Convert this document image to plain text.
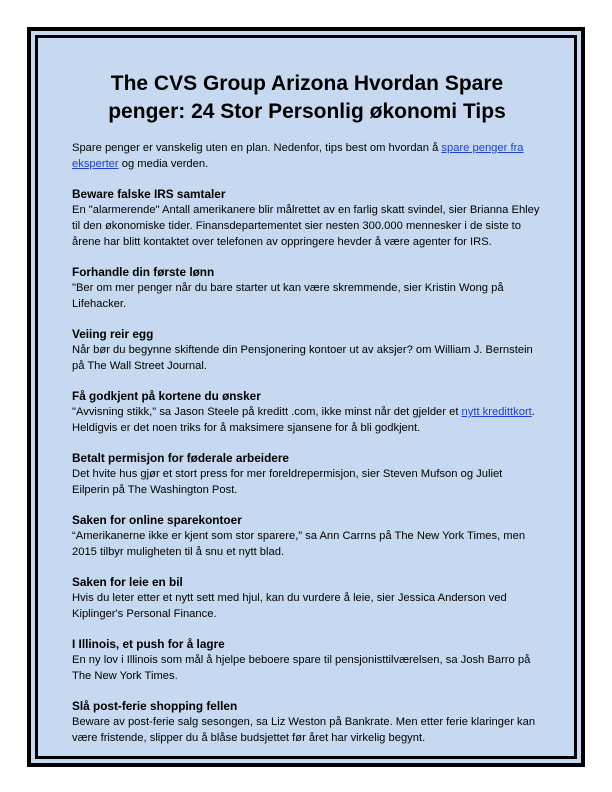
The CVS Group Arizona Hvordan Spare penger: 24 Stor Personlig økonomi Tips

Spare penger er vanskelig uten en plan. Nedenfor, tips best om hvordan å spare penger fra eksperter og media verden.

Beware falske IRS samtaler

En "alarmerende" Antall amerikanere blir målrettet av en farlig skatt svindel, sier Brianna Ehley til den økonomiske tider. Finansdepartementet sier nesten 300.000 mennesker i de siste to årene har blitt kontaktet over telefonen av oppringere hevder å være agenter for IRS.

Forhandle din første lønn

"Ber om mer penger når du bare starter ut kan være skremmende, sier Kristin Wong på Lifehacker.

Veiing reir egg

Når bør du begynne skiftende din Pensjonering kontoer ut av aksjer? om William J. Bernstein på The Wall Street Journal.

Få godkjent på kortene du ønsker

"Avvisning stikk," sa Jason Steele på kreditt .com, ikke minst når det gjelder et nytt kredittkort. Heldigvis er det noen triks for å maksimere sjansene for å bli godkjent.

Betalt permisjon for føderale arbeidere

Det hvite hus gjør et stort press for mer foreldrepermisjon, sier Steven Mufson og Juliet Eilperin på The Washington Post.

Saken for online sparekontoer

“Amerikanerne ikke er kjent som stor sparere,” sa Ann Carrns på The New York Times, men 2015 tilbyr muligheten til å snu et nytt blad.

Saken for leie en bil

Hvis du leter etter et nytt sett med hjul, kan du vurdere å leie, sier Jessica Anderson ved Kiplinger's Personal Finance.

I Illinois, et push for å lagre

En ny lov i Illinois som mål å hjelpe beboere spare til pensjonisttilværelsen, sa Josh Barro på The New York Times.

Slå post-ferie shopping fellen

Beware av post-ferie salg sesongen, sa Liz Weston på Bankrate. Men etter ferie klaringer kan være fristende, slipper du å blåse budsjettet før året har virkelig begynt.
